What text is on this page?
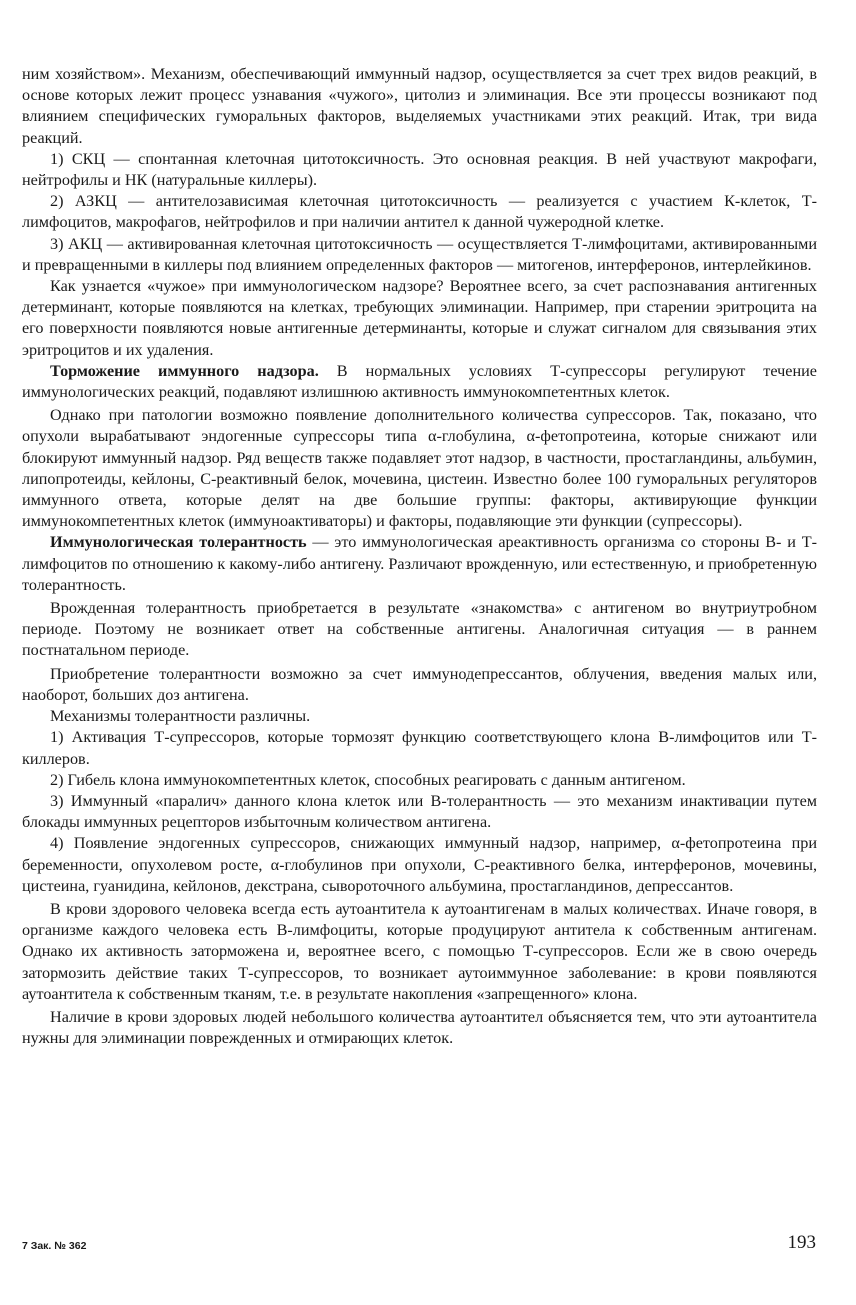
ним хозяйством». Механизм, обеспечивающий иммунный надзор, осуществляется за счет трех видов реакций, в основе которых лежит процесс узнавания «чужого», цитолиз и элиминация. Все эти процессы возникают под влиянием специфических гуморальных факторов, выделяемых участниками этих реакций. Итак, три вида реакций.

1) СКЦ — спонтанная клеточная цитотоксичность. Это основная реакция. В ней участвуют макрофаги, нейтрофилы и НК (натуральные киллеры).

2) АЗКЦ — антителозависимая клеточная цитотоксичность — реализуется с участием К-клеток, Т-лимфоцитов, макрофагов, нейтрофилов и при наличии антител к данной чужеродной клетке.

3) АКЦ — активированная клеточная цитотоксичность — осуществляется Т-лимфоцитами, активированными и превращенными в киллеры под влиянием определенных факторов — митогенов, интерферонов, интерлейкинов.

Как узнается «чужое» при иммунологическом надзоре? Вероятнее всего, за счет распознавания антигенных детерминант, которые появляются на клетках, требующих элиминации. Например, при старении эритроцита на его поверхности появляются новые антигенные детерминанты, которые и служат сигналом для связывания этих эритроцитов и их удаления.

Торможение иммунного надзора. В нормальных условиях Т-супрессоры регулируют течение иммунологических реакций, подавляют излишнюю активность иммунокомпетентных клеток.

Однако при патологии возможно появление дополнительного количества супрессоров. Так, показано, что опухоли вырабатывают эндогенные супрессоры типа α-глобулина, α-фетопротеина, которые снижают или блокируют иммунный надзор. Ряд веществ также подавляет этот надзор, в частности, простагландины, альбумин, липопротеиды, кейлоны, С-реактивный белок, мочевина, цистеин. Известно более 100 гуморальных регуляторов иммунного ответа, которые делят на две большие группы: факторы, активирующие функции иммунокомпетентных клеток (иммуноактиваторы) и факторы, подавляющие эти функции (супрессоры).

Иммунологическая толерантность — это иммунологическая ареактивность организма со стороны В- и Т-лимфоцитов по отношению к какому-либо антигену. Различают врожденную, или естественную, и приобретенную толерантность.

Врожденная толерантность приобретается в результате «знакомства» с антигеном во внутриутробном периоде. Поэтому не возникает ответ на собственные антигены. Аналогичная ситуация — в раннем постнатальном периоде.

Приобретение толерантности возможно за счет иммунодепрессантов, облучения, введения малых или, наоборот, больших доз антигена.

Механизмы толерантности различны.

1) Активация Т-супрессоров, которые тормозят функцию соответствующего клона В-лимфоцитов или Т-киллеров.

2) Гибель клона иммунокомпетентных клеток, способных реагировать с данным антигеном.

3) Иммунный «паралич» данного клона клеток или В-толерантность — это механизм инактивации путем блокады иммунных рецепторов избыточным количеством антигена.

4) Появление эндогенных супрессоров, снижающих иммунный надзор, например, α-фетопротеина при беременности, опухолевом росте, α-глобулинов при опухоли, С-реактивного белка, интерферонов, мочевины, цистеина, гуанидина, кейлонов, декстрана, сывороточного альбумина, простагландинов, депрессантов.

В крови здорового человека всегда есть аутоантитела к аутоантигенам в малых количествах. Иначе говоря, в организме каждого человека есть В-лимфоциты, которые продуцируют антитела к собственным антигенам. Однако их активность заторможена и, вероятнее всего, с помощью Т-супрессоров. Если же в свою очередь затормозить действие таких Т-супрессоров, то возникает аутоиммунное заболевание: в крови появляются аутоантитела к собственным тканям, т.е. в результате накопления «запрещенного» клона.

Наличие в крови здоровых людей небольшого количества аутоантител объясняется тем, что эти аутоантитела нужны для элиминации поврежденных и отмирающих клеток.

7 Зак. № 362	193
